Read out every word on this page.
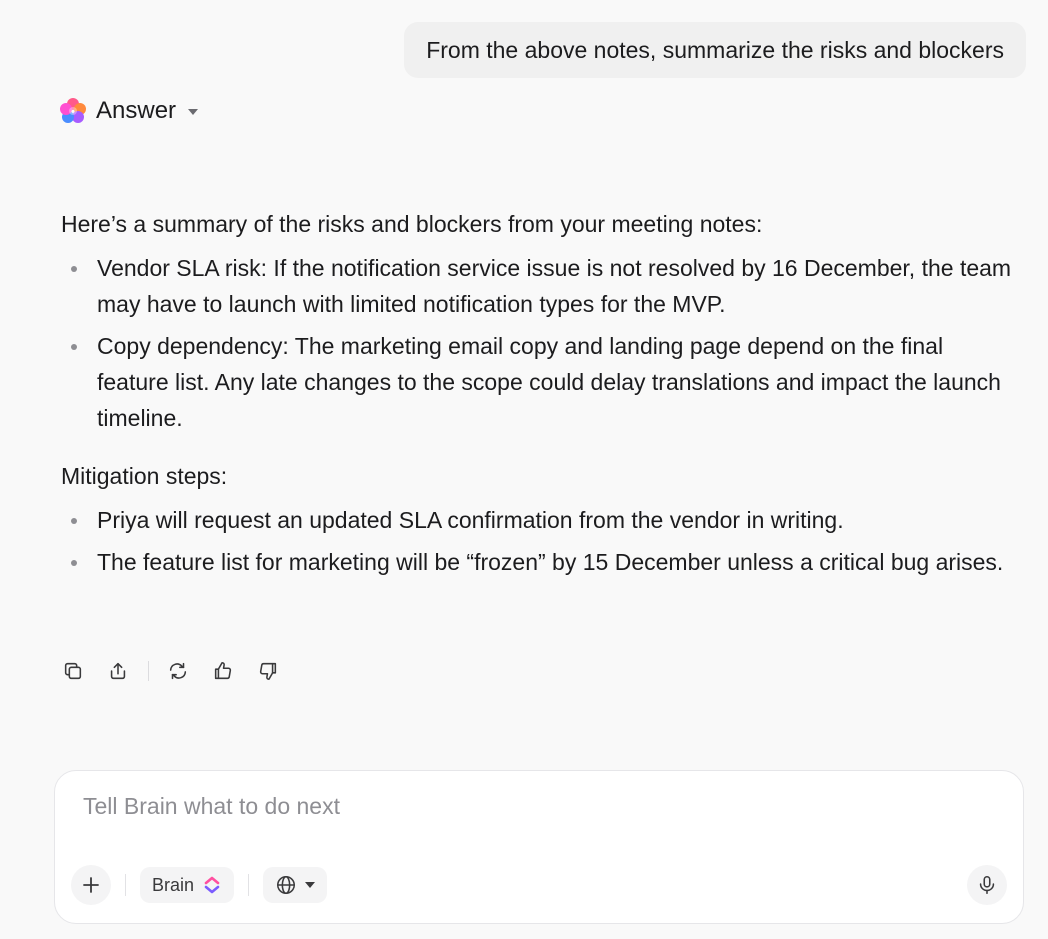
From the above notes, summarize the risks and blockers
Answer

Here’s a summary of the risks and blockers from your meeting notes:

Vendor SLA risk: If the notification service issue is not resolved by 16 December, the team may have to launch with limited notification types for the MVP.
Copy dependency: The marketing email copy and landing page depend on the final feature list. Any late changes to the scope could delay translations and impact the launch timeline.

Mitigation steps:

Priya will request an updated SLA confirmation from the vendor in writing.
The feature list for marketing will be “frozen” by 15 December unless a critical bug arises.
Tell Brain what to do next
Brain
